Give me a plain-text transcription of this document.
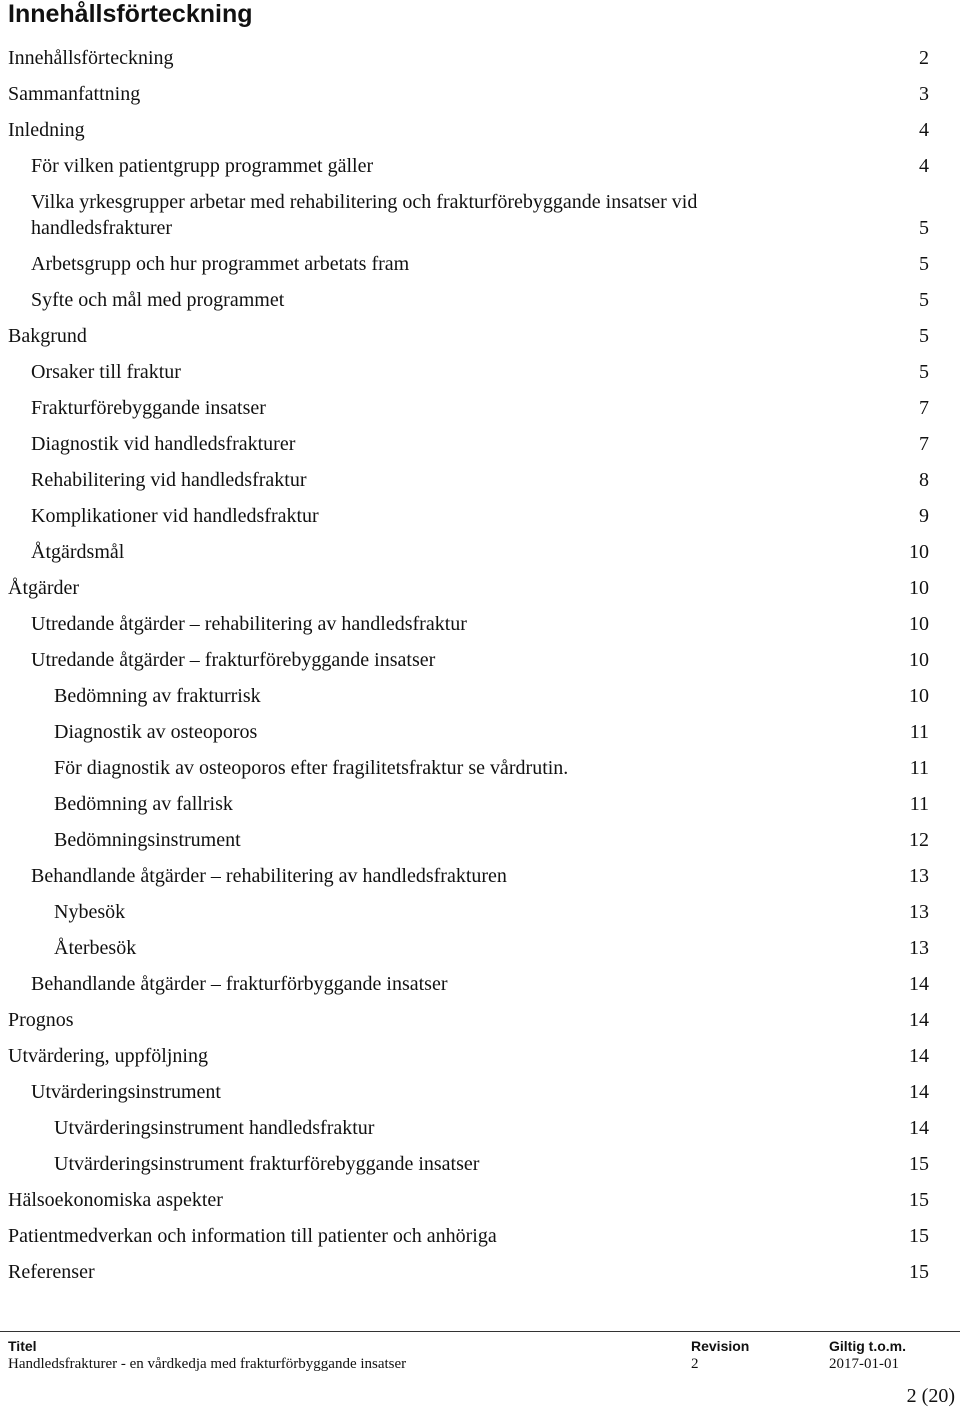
Innehållsförteckning
Innehållsförteckning	2
Sammanfattning	3
Inledning	4
För vilken patientgrupp programmet gäller	4
Vilka yrkesgrupper arbetar med rehabilitering och frakturförebyggande insatser vid handledsfrakturer	5
Arbetsgrupp och hur programmet arbetats fram	5
Syfte och mål med programmet	5
Bakgrund	5
Orsaker till fraktur	5
Frakturförebyggande insatser	7
Diagnostik vid handledsfrakturer	7
Rehabilitering vid handledsfraktur	8
Komplikationer vid handledsfraktur	9
Åtgärdsmål	10
Åtgärder	10
Utredande åtgärder – rehabilitering av handledsfraktur	10
Utredande åtgärder – frakturförebyggande insatser	10
Bedömning av frakturrisk	10
Diagnostik av osteoporos	11
För diagnostik av osteoporos efter fragilitetsfraktur se vårdrutin.	11
Bedömning av fallrisk	11
Bedömningsinstrument	12
Behandlande åtgärder – rehabilitering av handledsfrakturen	13
Nybesök	13
Återbesök	13
Behandlande åtgärder – frakturförbyggande insatser	14
Prognos	14
Utvärdering, uppföljning	14
Utvärderingsinstrument	14
Utvärderingsinstrument handledsfraktur	14
Utvärderingsinstrument frakturförebyggande insatser	15
Hälsoekonomiska aspekter	15
Patientmedverkan och information till patienter och anhöriga	15
Referenser	15
Titel
Handledsfrakturer - en vårdkedja med frakturförbyggande insatser
Revision
2
Giltig t.o.m.
2017-01-01
2 (20)
